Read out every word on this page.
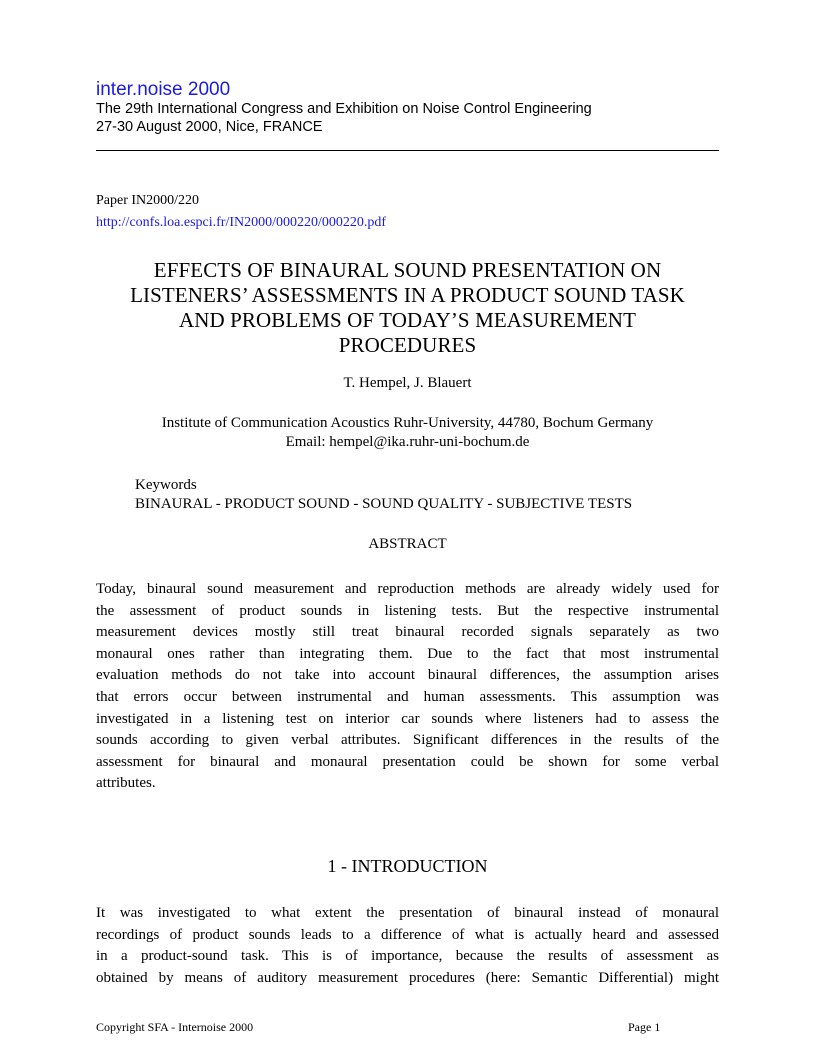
inter.noise 2000
The 29th International Congress and Exhibition on Noise Control Engineering
27-30 August 2000, Nice, FRANCE
Paper IN2000/220
http://confs.loa.espci.fr/IN2000/000220/000220.pdf
EFFECTS OF BINAURAL SOUND PRESENTATION ON
LISTENERS’ ASSESSMENTS IN A PRODUCT SOUND TASK
AND PROBLEMS OF TODAY’S MEASUREMENT
PROCEDURES
T. Hempel, J. Blauert
Institute of Communication Acoustics Ruhr-University, 44780, Bochum Germany
Email: hempel@ika.ruhr-uni-bochum.de
Keywords
BINAURAL - PRODUCT SOUND - SOUND QUALITY - SUBJECTIVE TESTS
ABSTRACT
Today, binaural sound measurement and reproduction methods are already widely used for
the assessment of product sounds in listening tests. But the respective instrumental
measurement devices mostly still treat binaural recorded signals separately as two
monaural ones rather than integrating them. Due to the fact that most instrumental
evaluation methods do not take into account binaural differences, the assumption arises
that errors occur between instrumental and human assessments. This assumption was
investigated in a listening test on interior car sounds where listeners had to assess the
sounds according to given verbal attributes. Significant differences in the results of the
assessment for binaural and monaural presentation could be shown for some verbal
attributes.
1 - INTRODUCTION
It was investigated to what extent the presentation of binaural instead of monaural
recordings of product sounds leads to a difference of what is actually heard and assessed
in a product-sound task. This is of importance, because the results of assessment as
obtained by means of auditory measurement procedures (here: Semantic Differential) might
Copyright SFA - Internoise 2000	Page 1
